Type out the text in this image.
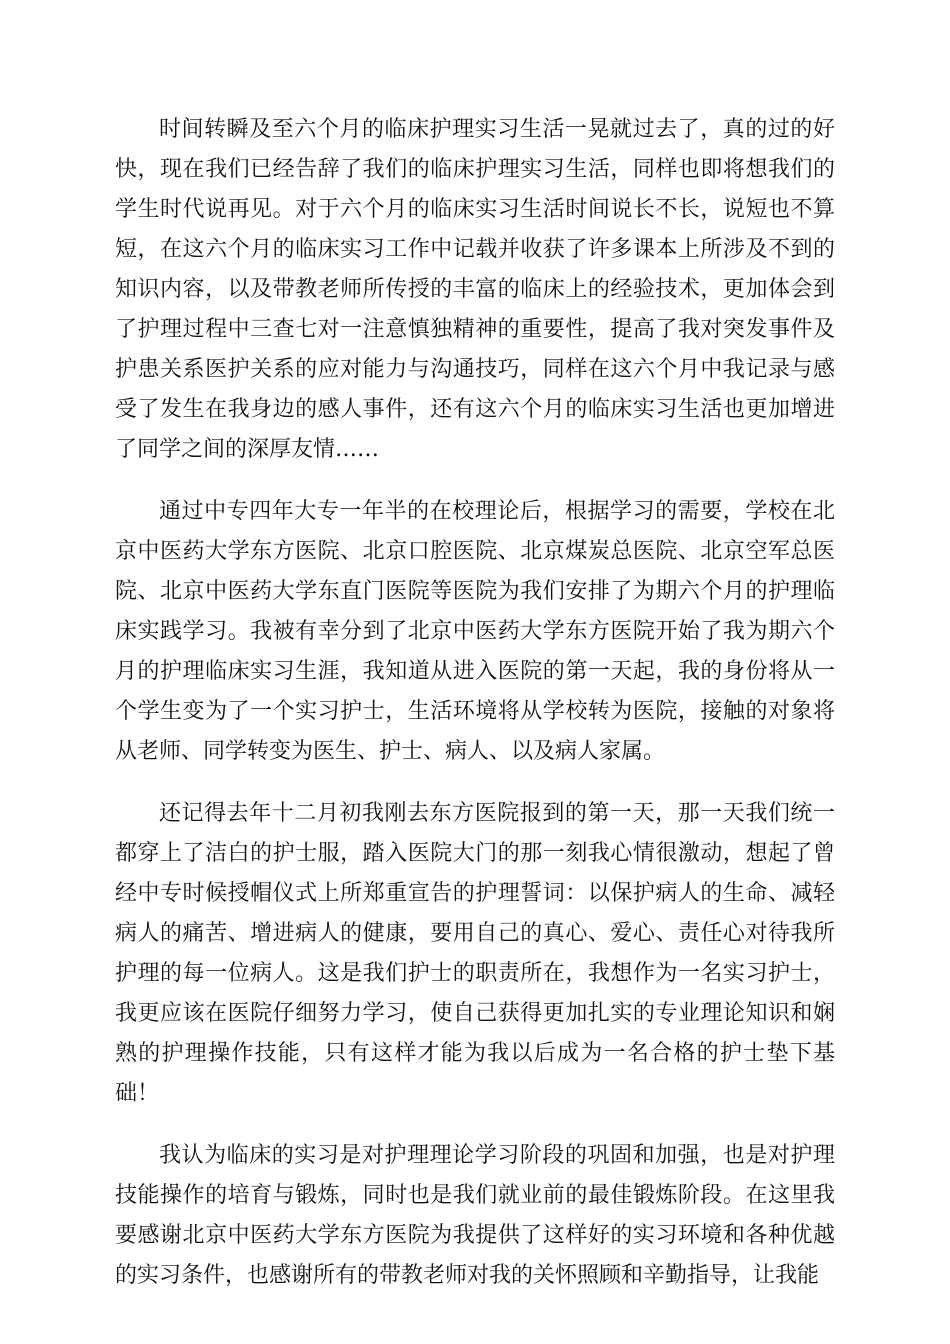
时间转瞬及至六个月的临床护理实习生活一晃就过去了，真的过的好快，现在我们已经告辞了我们的临床护理实习生活，同样也即将想我们的学生时代说再见。对于六个月的临床实习生活时间说长不长，说短也不算短，在这六个月的临床实习工作中记载并收获了许多课本上所涉及不到的知识内容，以及带教老师所传授的丰富的临床上的经验技术，更加体会到了护理过程中三查七对一注意慎独精神的重要性，提高了我对突发事件及护患关系医护关系的应对能力与沟通技巧，同样在这六个月中我记录与感受了发生在我身边的感人事件，还有这六个月的临床实习生活也更加增进了同学之间的深厚友情……

通过中专四年大专一年半的在校理论后，根据学习的需要，学校在北京中医药大学东方医院、北京口腔医院、北京煤炭总医院、北京空军总医院、北京中医药大学东直门医院等医院为我们安排了为期六个月的护理临床实践学习。我被有幸分到了北京中医药大学东方医院开始了我为期六个月的护理临床实习生涯，我知道从进入医院的第一天起，我的身份将从一个学生变为了一个实习护士，生活环境将从学校转为医院，接触的对象将从老师、同学转变为医生、护士、病人、以及病人家属。

还记得去年十二月初我刚去东方医院报到的第一天，那一天我们统一都穿上了洁白的护士服，踏入医院大门的那一刻我心情很激动，想起了曾经中专时候授帽仪式上所郑重宣告的护理誓词：以保护病人的生命、减轻病人的痛苦、增进病人的健康，要用自己的真心、爱心、责任心对待我所护理的每一位病人。这是我们护士的职责所在，我想作为一名实习护士，我更应该在医院仔细努力学习，使自己获得更加扎实的专业理论知识和娴熟的护理操作技能，只有这样才能为我以后成为一名合格的护士垫下基础！

我认为临床的实习是对护理理论学习阶段的巩固和加强，也是对护理技能操作的培育与锻炼，同时也是我们就业前的最佳锻炼阶段。在这里我要感谢北京中医药大学东方医院为我提供了这样好的实习环境和各种优越的实习条件，也感谢所有的带教老师对我的关怀照顾和辛勤指导，让我能
